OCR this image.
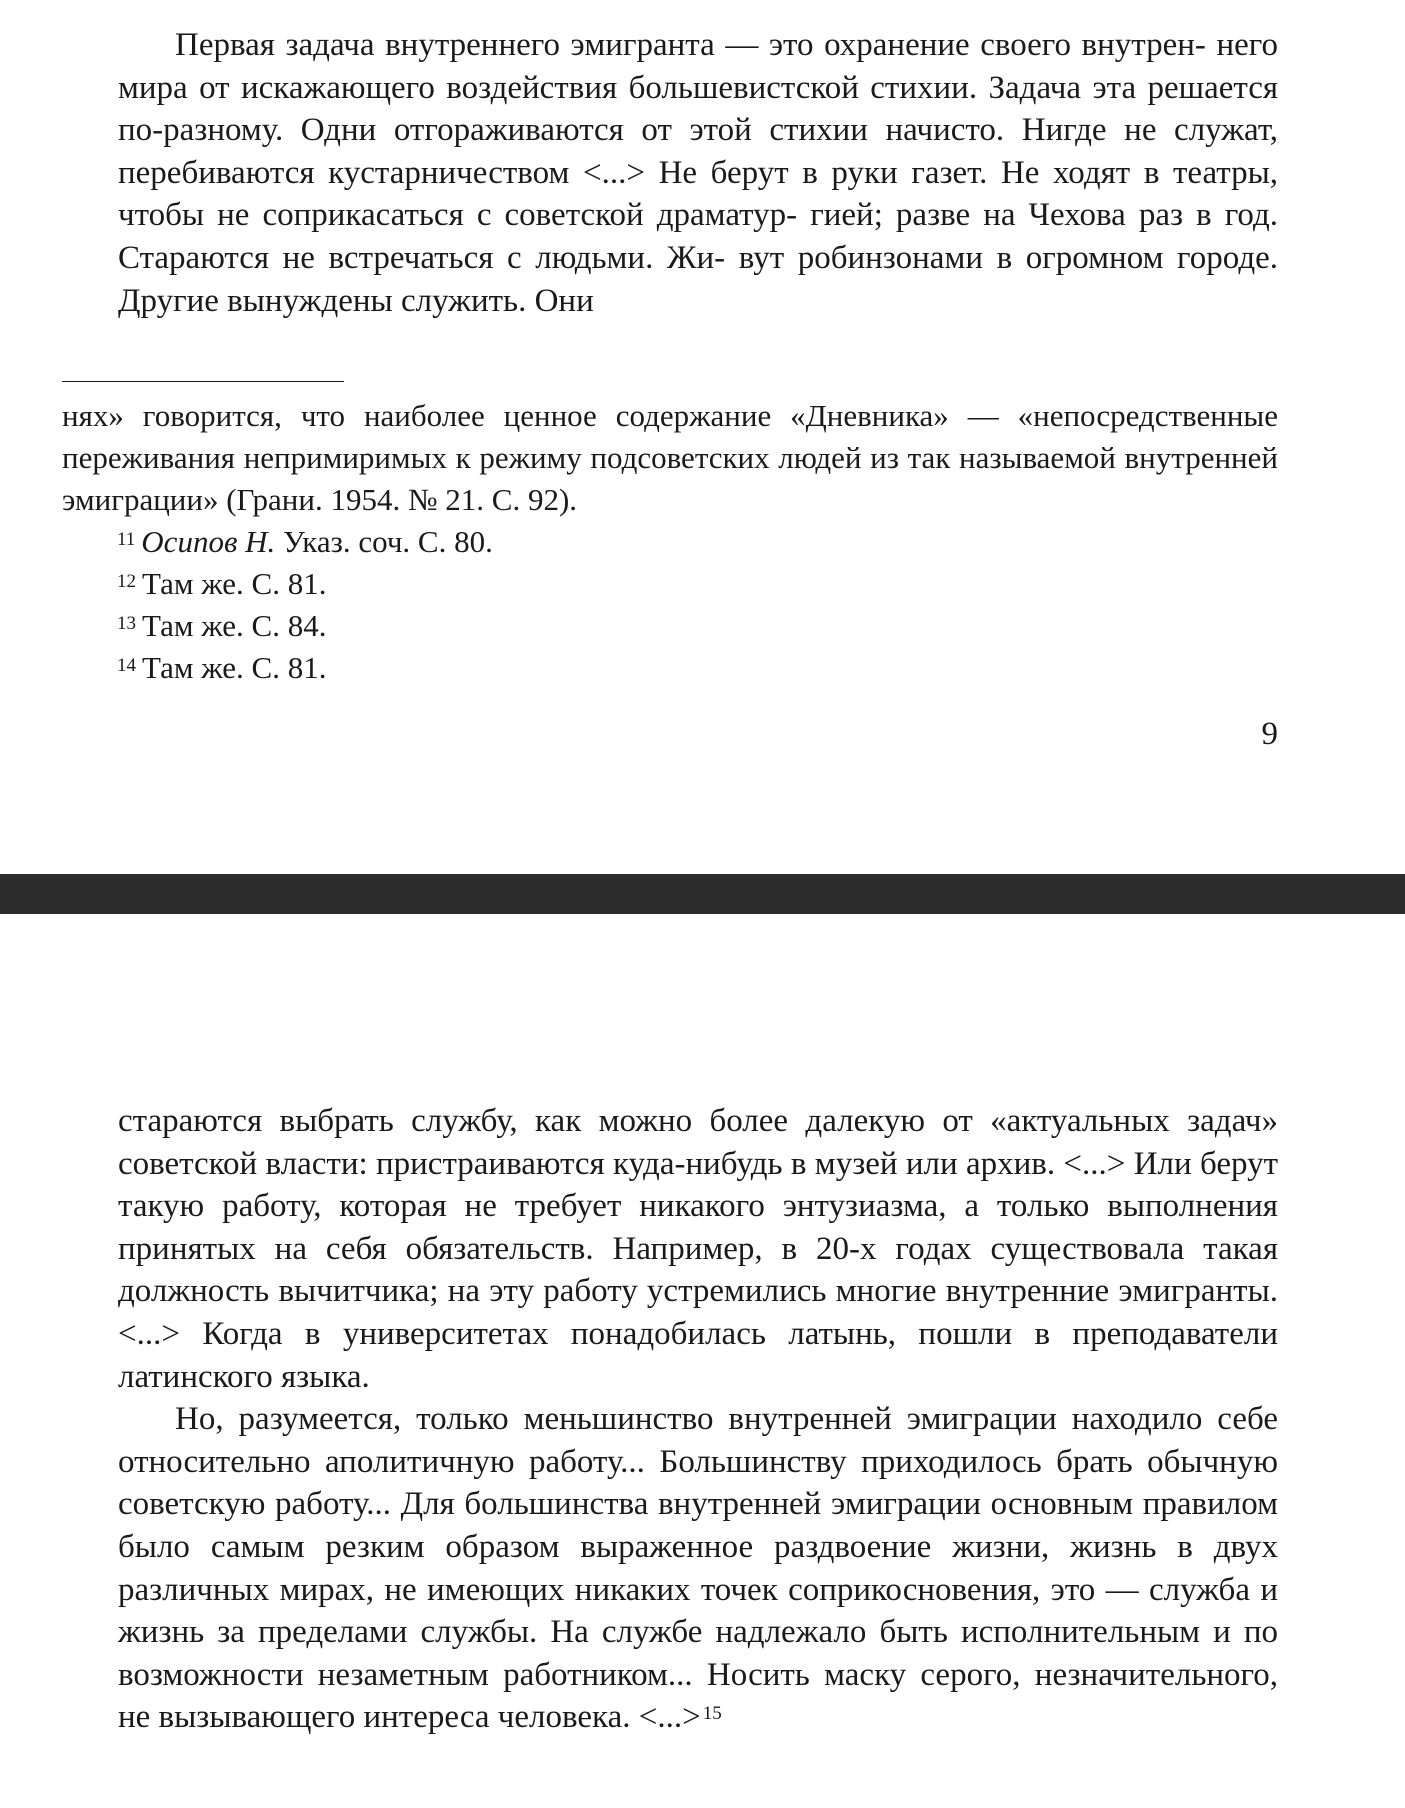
Первая задача внутреннего эмигранта — это охранение своего внутрен- него мира от искажающего воздействия большевистской стихии. Задача эта решается по-разному. Одни отгораживаются от этой стихии начисто. Нигде не служат, перебиваются кустарничеством <...> Не берут в руки газет. Не ходят в театры, чтобы не соприкасаться с советской драматур- гией; разве на Чехова раз в год. Стараются не встречаться с людьми. Жи- вут робинзонами в огромном городе. Другие вынуждены служить. Они

нях» говорится, что наиболее ценное содержание «Дневника» — «непосредственные переживания непримиримых к режиму подсоветских людей из так называемой внутренней эмиграции» (Грани. 1954. № 21. С. 92).

$^{11}$ Осипов Н. Указ. соч. С. 80.

$^{12}$ Там же. С. 81.

$^{13}$ Там же. С. 84.

$^{14}$ Там же. С. 81.

9

стараются выбрать службу, как можно более далекую от «актуальных задач» советской власти: пристраиваются куда-нибудь в музей или архив. <...> Или берут такую работу, которая не требует никакого энтузиазма, а только выполнения принятых на себя обязательств. Например, в 20-х годах существовала такая должность вычитчика; на эту работу устремились многие внутренние эмигранты. <...> Когда в университетах понадобилась латынь, пошли в преподаватели латинского языка.

Но, разумеется, только меньшинство внутренней эмиграции находило себе относительно аполитичную работу... Большинству приходилось брать обычную советскую работу... Для большинства внутренней эмиграции основным правилом было самым резким образом выраженное раздвоение жизни, жизнь в двух различных мирах, не имеющих никаких точек соприкосновения, это — служба и жизнь за пределами службы. На службе надлежало быть исполнительным и по возможности незаметным работником... Носить маску серого, незначительного, не вызывающего интереса человека. <...> $^{15}$
